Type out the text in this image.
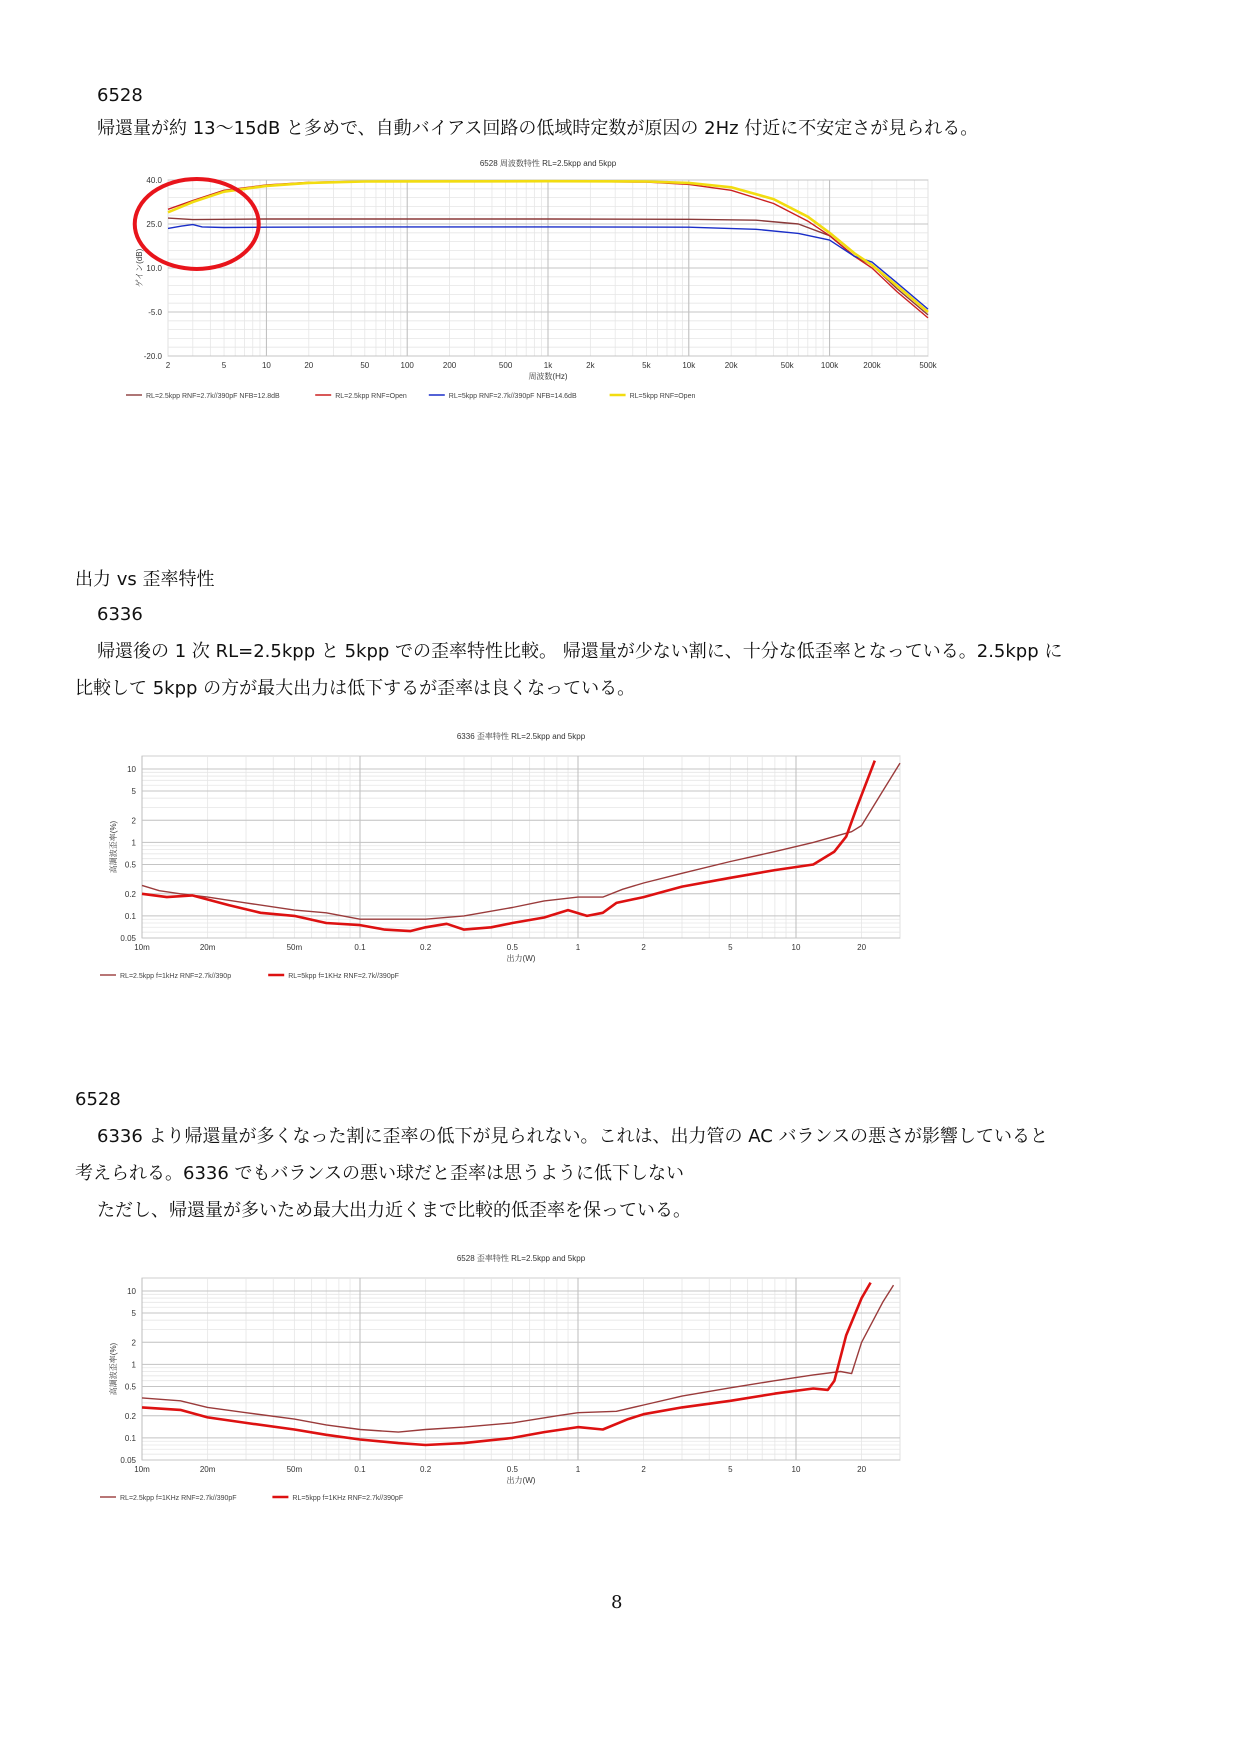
6528
帰還量が約 13～15dB と多めで、自動バイアス回路の低域時定数が原因の 2Hz 付近に不安定さが見られる。
2	5	10	20	50	100	200	500	1k	2k	5k	10k	20k	50k	100k	200k	500k
40.0
25.0
10.0
-5.0
-20.0
6528 周波数特性 RL=2.5kpp and 5kpp
周波数(Hz)
ゲイン(dB)
RL=2.5kpp RNF=2.7k//390pF NFB=12.8dB	RL=2.5kpp RNF=Open	RL=5kpp RNF=2.7k//390pF NFB=14.6dB	RL=5kpp RNF=Open
出力 vs 歪率特性
6336
帰還後の 1 次 RL=2.5kpp と 5kpp での歪率特性比較。 帰還量が少ない割に、十分な低歪率となっている。2.5kpp に
比較して 5kpp の方が最大出力は低下するが歪率は良くなっている。
10m	20m	50m	0.1	0.2	0.5	1	2	5	10	20
10
5
2
1
0.5
0.2
0.1
0.05
6336 歪率特性 RL=2.5kpp and 5kpp
出力(W)
高調波歪率(%)
RL=2.5kpp f=1kHz RNF=2.7k//390p	RL=5kpp f=1KHz RNF=2.7k//390pF
6528
6336 より帰還量が多くなった割に歪率の低下が見られない。これは、出力管の AC バランスの悪さが影響していると
考えられる。6336 でもバランスの悪い球だと歪率は思うように低下しない
ただし、帰還量が多いため最大出力近くまで比較的低歪率を保っている。
10m	20m	50m	0.1	0.2	0.5	1	2	5	10	20
10
5
2
1
0.5
0.2
0.1
0.05
6528 歪率特性 RL=2.5kpp and 5kpp
出力(W)
高調波歪率(%)
RL=2.5kpp f=1KHz RNF=2.7k//390pF	RL=5kpp f=1KHz RNF=2.7k//390pF
8
